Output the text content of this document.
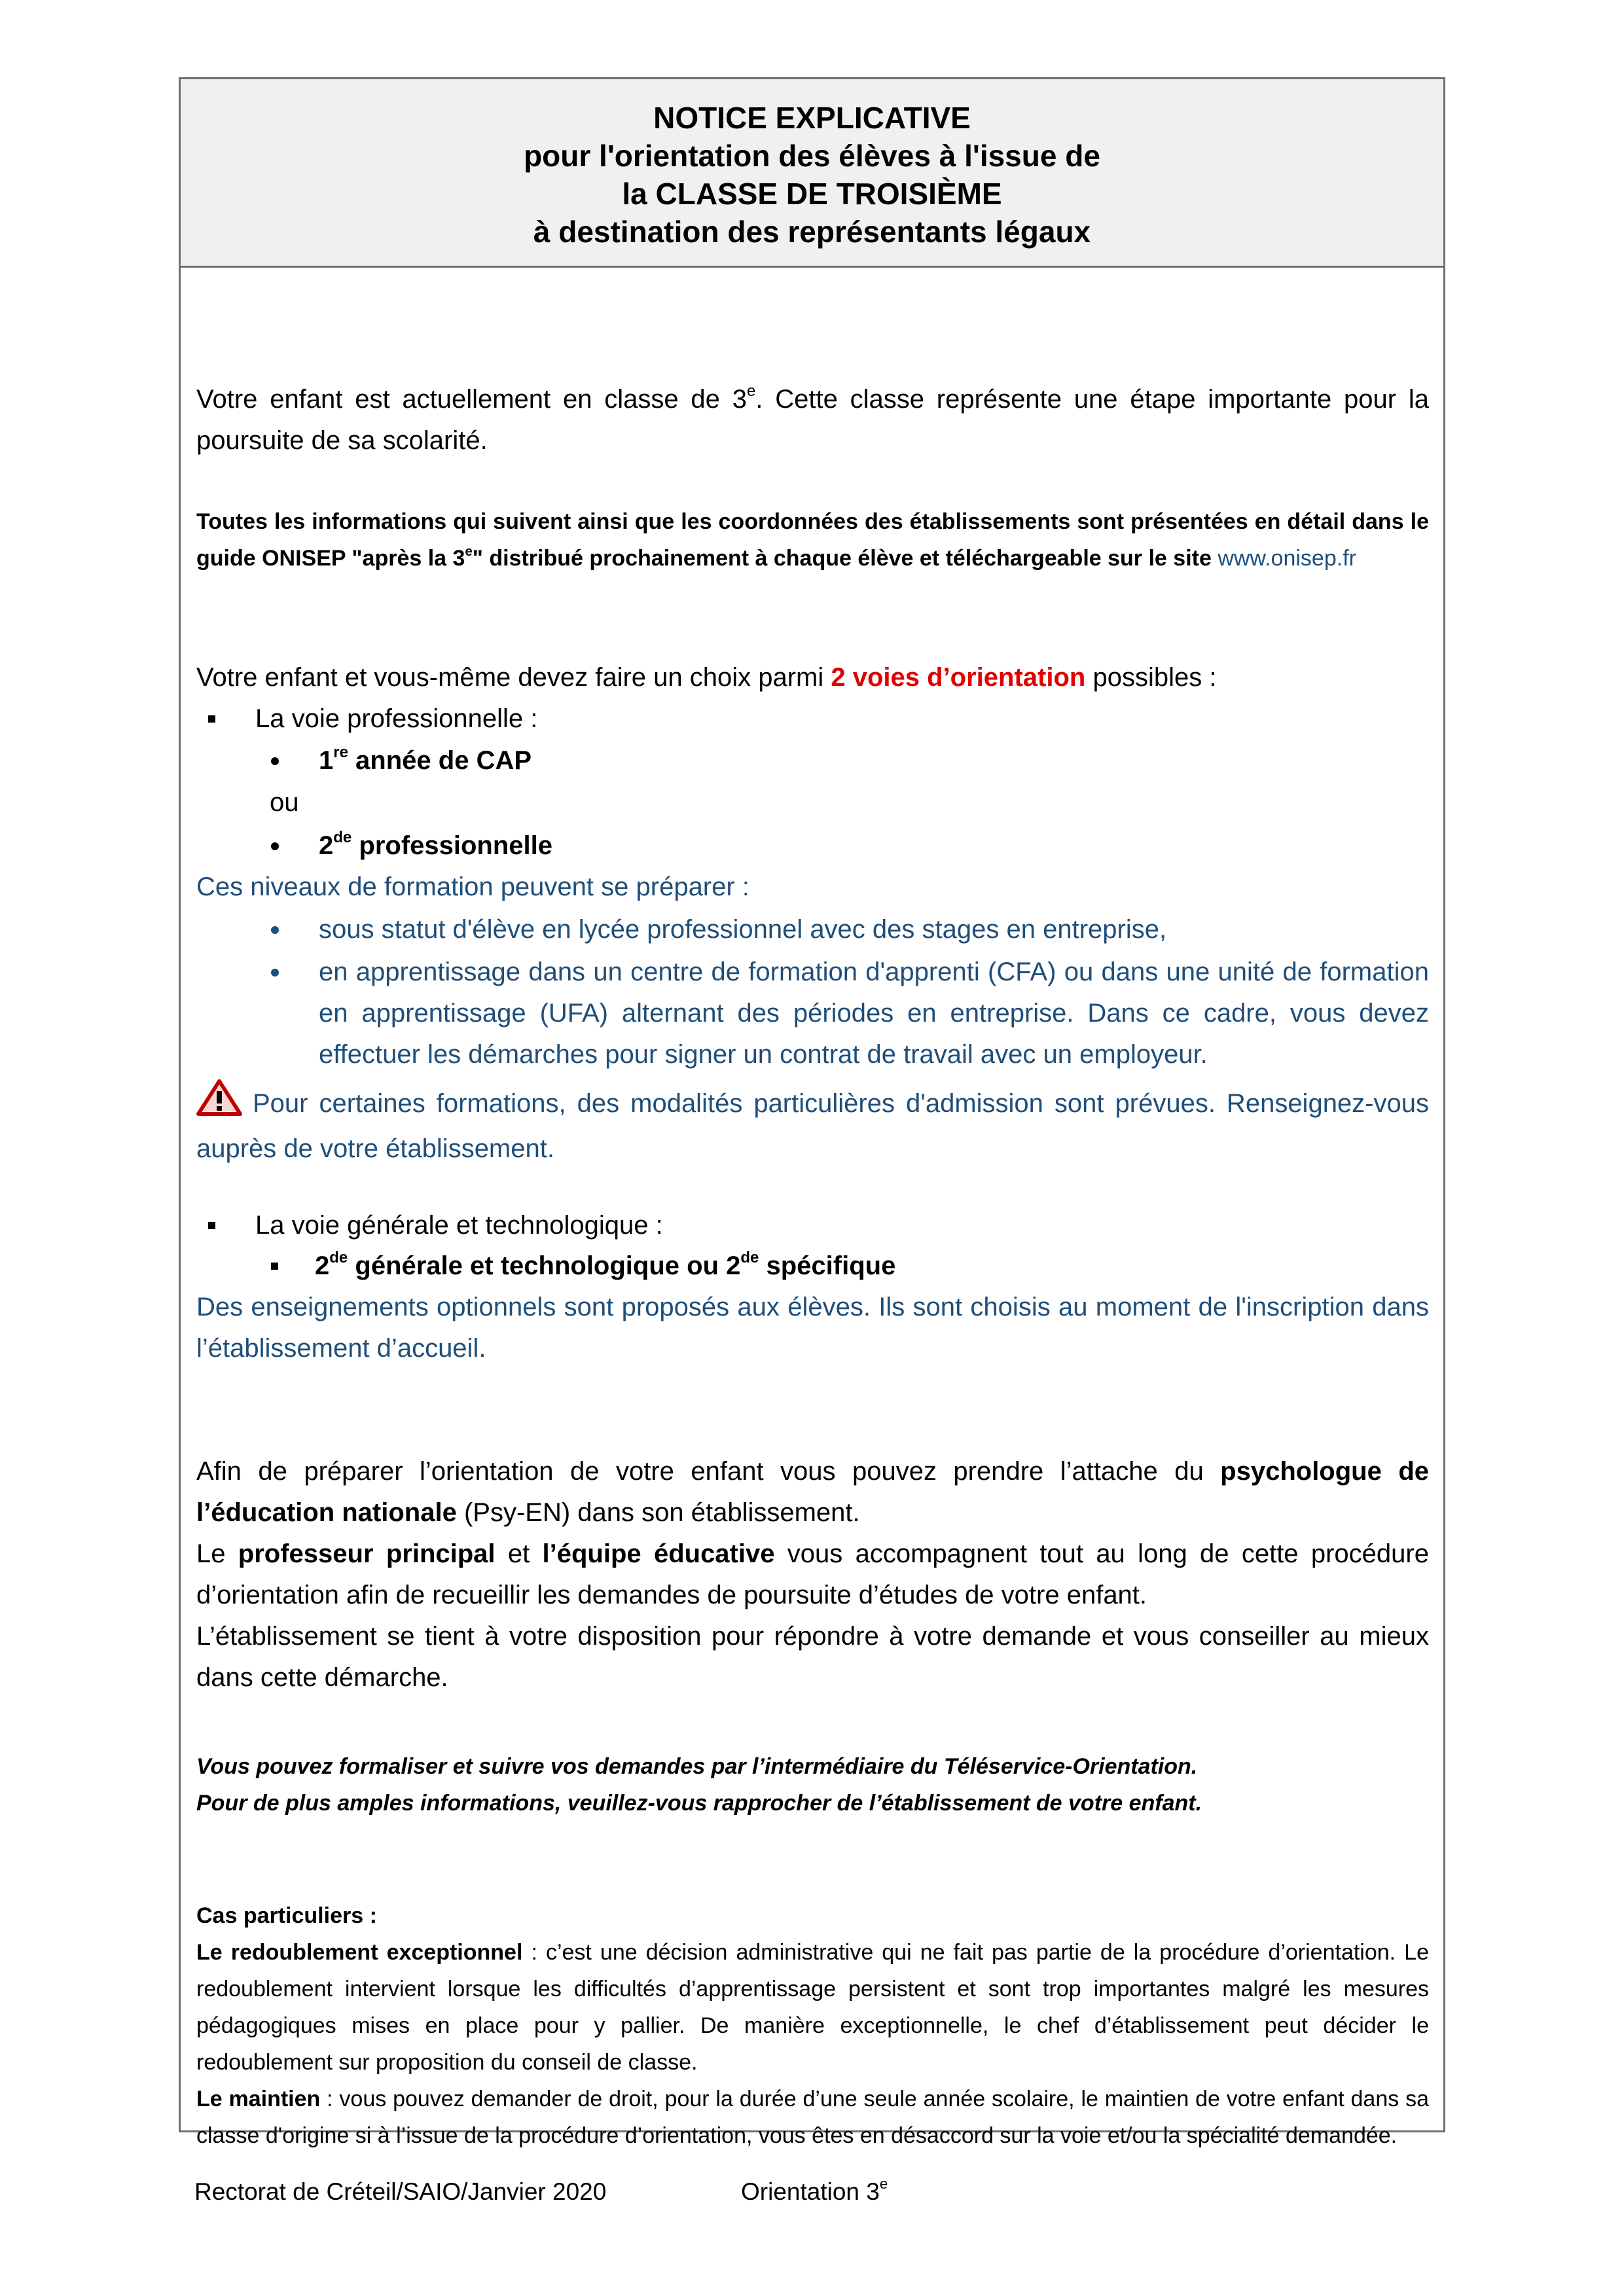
NOTICE EXPLICATIVE
pour l'orientation des élèves à l'issue de
la CLASSE DE TROISIÈME
à destination des représentants légaux
Votre enfant est actuellement en classe de 3e. Cette classe représente une étape importante pour la poursuite de sa scolarité.
Toutes les informations qui suivent ainsi que les coordonnées des établissements sont présentées en détail dans le guide ONISEP "après la 3e" distribué prochainement à chaque élève et téléchargeable sur le site www.onisep.fr
Votre enfant et vous-même devez faire un choix parmi 2 voies d’orientation possibles :
La voie professionnelle :
1re année de CAP
ou
2de professionnelle
Ces niveaux de formation peuvent se préparer :
sous statut d'élève en lycée professionnel avec des stages en entreprise,
en apprentissage dans un centre de formation d'apprenti (CFA) ou dans une unité de formation en apprentissage (UFA) alternant des périodes en entreprise. Dans ce cadre, vous devez effectuer les démarches pour signer un contrat de travail avec un employeur.
Pour certaines formations, des modalités particulières d'admission sont prévues. Renseignez-vous auprès de votre établissement.
La voie générale et technologique :
2de générale et technologique ou 2de spécifique
Des enseignements optionnels sont proposés aux élèves. Ils sont choisis au moment de l'inscription dans l’établissement d’accueil.
Afin de préparer l’orientation de votre enfant vous pouvez prendre l’attache du psychologue de l’éducation nationale (Psy-EN) dans son établissement.
Le professeur principal et l’équipe éducative vous accompagnent tout au long de cette procédure d’orientation afin de recueillir les demandes de poursuite d’études de votre enfant.
L’établissement se tient à votre disposition pour répondre à votre demande et vous conseiller au mieux dans cette démarche.
Vous pouvez formaliser et suivre vos demandes par l’intermédiaire du Téléservice-Orientation.
Pour de plus amples informations, veuillez-vous rapprocher de l’établissement de votre enfant.
Cas particuliers :
Le redoublement exceptionnel : c’est une décision administrative qui ne fait pas partie de la procédure d’orientation. Le redoublement intervient lorsque les difficultés d’apprentissage persistent et sont trop importantes malgré les mesures pédagogiques mises en place pour y pallier. De manière exceptionnelle, le chef d’établissement peut décider le redoublement sur proposition du conseil de classe.
Le maintien : vous pouvez demander de droit, pour la durée d’une seule année scolaire, le maintien de votre enfant dans sa classe d'origine si à l’issue de la procédure d’orientation, vous êtes en désaccord sur la voie et/ou la spécialité demandée.
Rectorat de Créteil/SAIO/Janvier 2020	Orientation 3e
